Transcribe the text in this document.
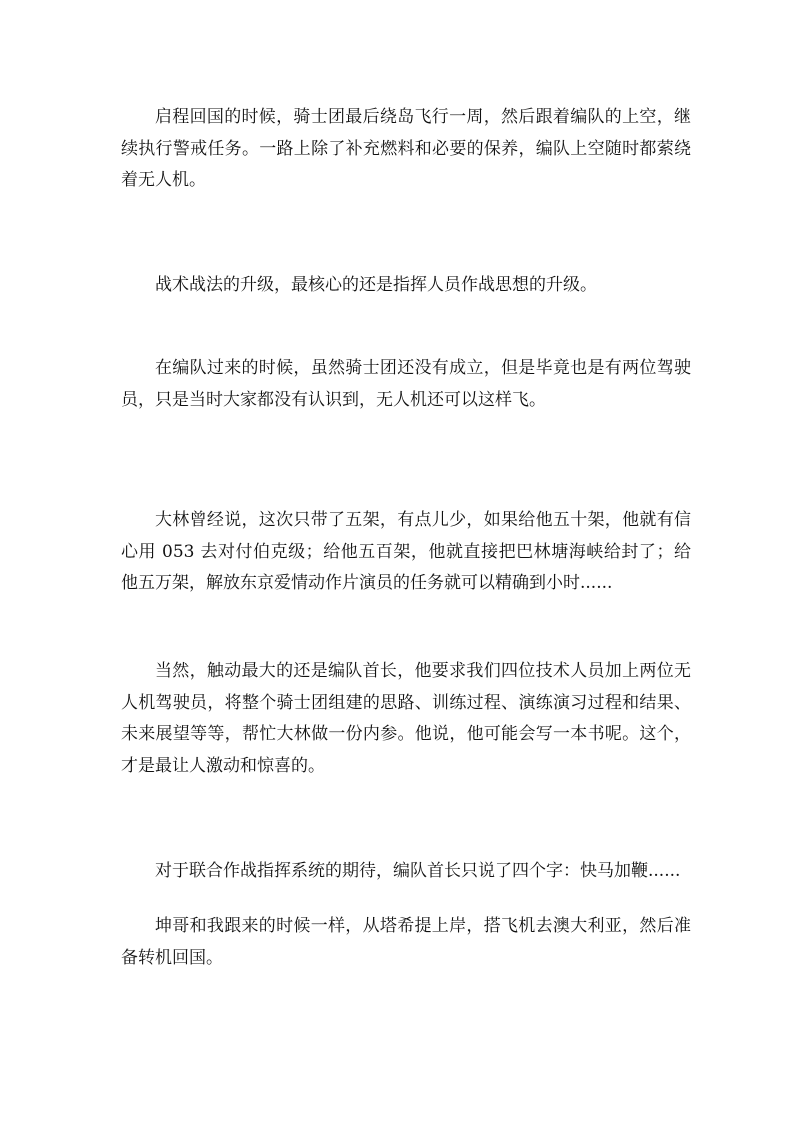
启程回国的时候，骑士团最后绕岛飞行一周，然后跟着编队的上空，继续执行警戒任务。一路上除了补充燃料和必要的保养，编队上空随时都萦绕着无人机。

战术战法的升级，最核心的还是指挥人员作战思想的升级。

在编队过来的时候，虽然骑士团还没有成立，但是毕竟也是有两位驾驶员，只是当时大家都没有认识到，无人机还可以这样飞。

大林曾经说，这次只带了五架，有点儿少，如果给他五十架，他就有信心用 053 去对付伯克级；给他五百架，他就直接把巴林塘海峡给封了；给他五万架，解放东京爱情动作片演员的任务就可以精确到小时......

当然，触动最大的还是编队首长，他要求我们四位技术人员加上两位无人机驾驶员，将整个骑士团组建的思路、训练过程、演练演习过程和结果、未来展望等等，帮忙大林做一份内参。他说，他可能会写一本书呢。这个，才是最让人激动和惊喜的。

对于联合作战指挥系统的期待，编队首长只说了四个字：快马加鞭......

坤哥和我跟来的时候一样，从塔希提上岸，搭飞机去澳大利亚，然后准备转机回国。
